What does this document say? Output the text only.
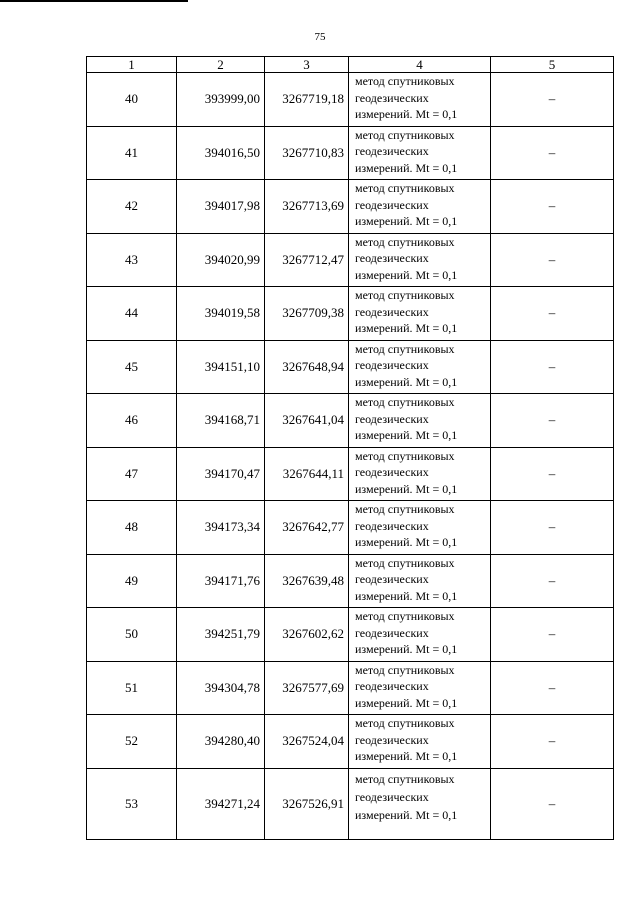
75
1	2	3	4	5
40	393999,00	3267719,18	метод спутниковых
геодезических
измерений. Mt = 0,1	–
41	394016,50	3267710,83	метод спутниковых
геодезических
измерений. Mt = 0,1	–
42	394017,98	3267713,69	метод спутниковых
геодезических
измерений. Mt = 0,1	–
43	394020,99	3267712,47	метод спутниковых
геодезических
измерений. Mt = 0,1	–
44	394019,58	3267709,38	метод спутниковых
геодезических
измерений. Mt = 0,1	–
45	394151,10	3267648,94	метод спутниковых
геодезических
измерений. Mt = 0,1	–
46	394168,71	3267641,04	метод спутниковых
геодезических
измерений. Mt = 0,1	–
47	394170,47	3267644,11	метод спутниковых
геодезических
измерений. Mt = 0,1	–
48	394173,34	3267642,77	метод спутниковых
геодезических
измерений. Mt = 0,1	–
49	394171,76	3267639,48	метод спутниковых
геодезических
измерений. Mt = 0,1	–
50	394251,79	3267602,62	метод спутниковых
геодезических
измерений. Mt = 0,1	–
51	394304,78	3267577,69	метод спутниковых
геодезических
измерений. Mt = 0,1	–
52	394280,40	3267524,04	метод спутниковых
геодезических
измерений. Mt = 0,1	–
53	394271,24	3267526,91	метод спутниковых
геодезических
измерений. Mt = 0,1	–
